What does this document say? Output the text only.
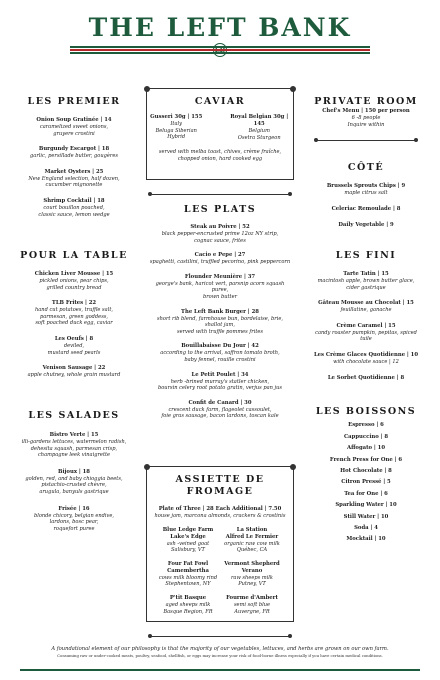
THE LEFT BANK
LES PREMIER
Onion Soup Gratinée | 14
caramelized sweet onions,
gruyere crostini
Burgundy Escargot | 18
garlic, persillade butter, gougères
Market Oysters | 25
New England selection, half dozen,
cucumber mignonette
Shrimp Cocktail | 18
court bouillon poached,
classic sauce, lemon wedge
POUR LA TABLE
Chicken Liver Mousse | 15
pickled onions, pear chips,
grilled country bread
TLB Frites | 22
hand cut potatoes, truffle salt,
parmesan, green goddess,
soft poached duck egg, caviar
Les Oeufs | 8
deviled,
mustard seed pearls
Venison Sausage | 22
apple chutney, whole grain mustard
LES SALADES
Bistro Verte | 15
illi-gardens lettuces, watermelon radish,
dehesita squash, parmesan crisp,
champagne leek vinaigrette
Bijoux | 18
golden, red, and baby chioggia beets,
pistachio-crusted chèvre,
arugula, banyuls gastrique
Frisée | 16
blonde chicory, belgian endive,
lardons, bosc pear,
roquefort puree
CAVIAR
Gusseri 30g | 155
Italy
Beluga Siberian Hybrid
Royal Belgian 30g | 145
Belgium
Osetra Sturgeon
served with melba toast, chives, crème fraîche,
chopped onion, hard cooked egg
LES PLATS
Steak au Poivre | 52
black pepper-encrusted prime 12oz NY strip,
cognac sauce, frites
Cacio e Pepe | 27
spaghetti, castilini, truffled pecorino, pink peppercorn
Flounder Meunière | 37
george's bank, haricot vert, parsnip acorn squash puree,
brown butter
The Left Bank Burger | 28
short rib blend, farmhouse bun, bordelaise, brie, shallot jam,
served with truffle pommes frites
Bouillabaisse Du Jour | 42
according to the arrival, saffron tomato broth,
baby fennel, rouille crostini
Le Petit Poulet | 34
herb -brined murray's statler chicken,
boursin celery root potato gratin, verjus pan jus
Confit de Canard | 30
crescent duck farm, flageolet cassoulet,
foie gras sausage, bacon lardons, toscan kale
ASSIETTE DE FROMAGE
Plate of Three | 28 Each Additional | 7.50
house jam, marcona almonds, crackers & crostinis
Blue Ledge Farm
Lake's Edge
ash -veined goat
Salisbury, VT
La Station
Alfred Le Fermier
organic raw cow milk
Québec, CA
Four Fat Fowl
Camembertha
cows milk bloomy rind
Stephentown, NY
Vermont Shepherd
Verano
raw sheeps milk
Putney, VT
P'tit Basque
aged sheeps milk
Basque Region, FR
Fourme d'Ambert
semi soft blue
Auvergne, FR
PRIVATE ROOM
Chef's Menu | 150 per person
6 -8 people
Inquire within
CÔTÉ
Brussels Sprouts Chips | 9
maple citrus salt
Celeriac Remoulade | 8
Daily Vegetable | 9
LES FINI
Tarte Tatin | 15
macintosh apple, brown butter glace,
cider gastrique
Gâteau Mousse au Chocolat | 15
feuillatine, ganache
Crème Caramel | 15
candy roaster pumpkin, pepitas, spiced tuile
Les Crème Glaces Quotidienne | 10
with chocolate sauce | 12
Le Sorbet Quotidienne | 8
LES BOISSONS
Espresso | 6
Cappuccino | 8
Affogato | 10
French Press for One | 6
Hot Chocolate | 8
Citron Pressé | 5
Tea for One | 6
Sparkling Water | 10
Still Water | 10
Soda | 4
Mocktail | 10
A foundational element of our philosophy is that the majority of our vegetables, lettuces, and herbs are grown on our own farm.
Consuming raw or under-cooked meats, poultry, seafood, shellfish, or eggs may increase your risk of food-borne illness especially if you have certain medical conditions.
